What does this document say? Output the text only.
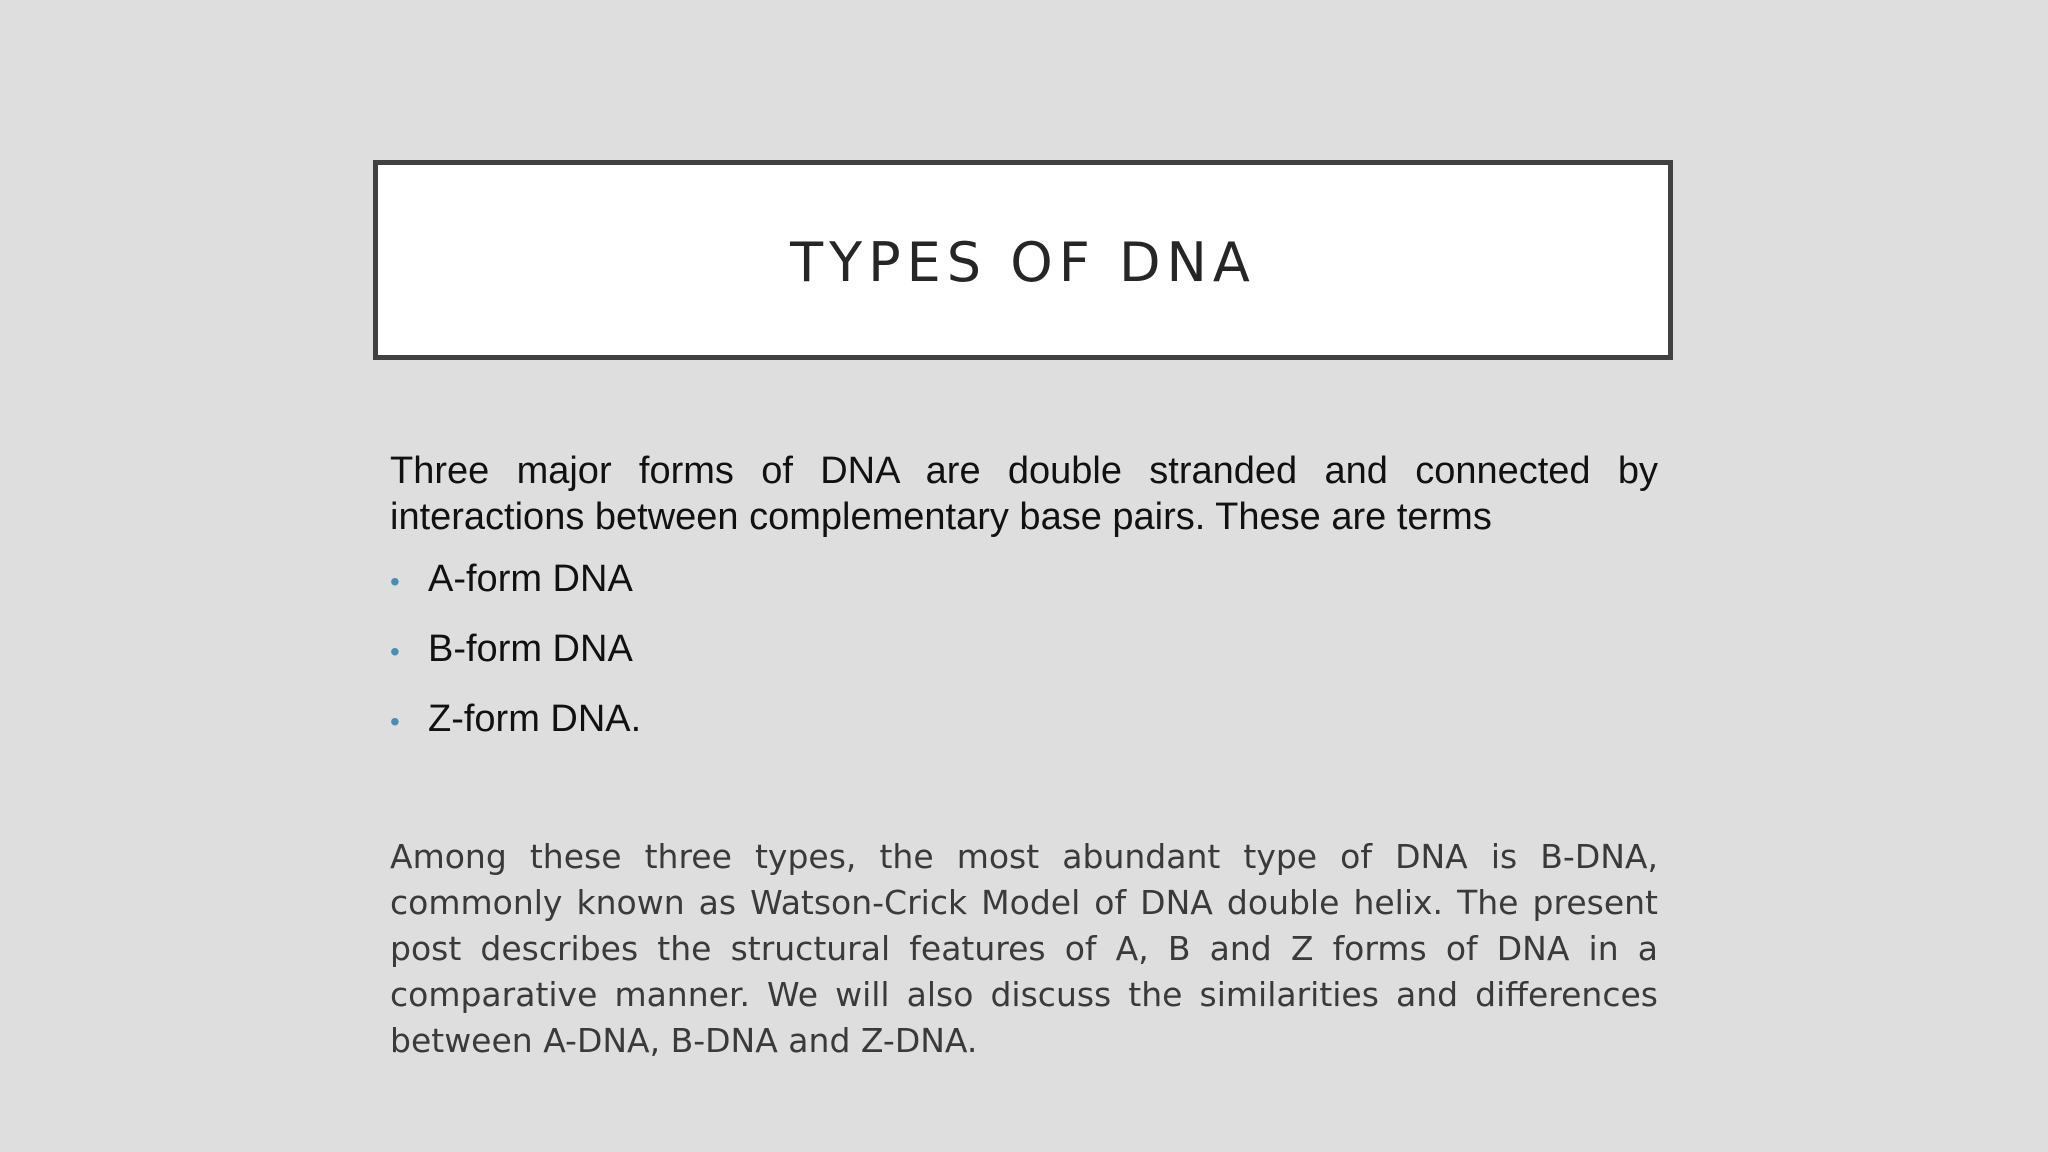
TYPES OF DNA

Three major forms of DNA are double stranded and connected by interactions between complementary base pairs. These are terms

• A-form DNA
• B-form DNA
• Z-form DNA.

Among these three types, the most abundant type of DNA is B-DNA, commonly known as Watson-Crick Model of DNA double helix. The present post describes the structural features of A, B and Z forms of DNA in a comparative manner. We will also discuss the similarities and differences between A-DNA, B-DNA and Z-DNA.
